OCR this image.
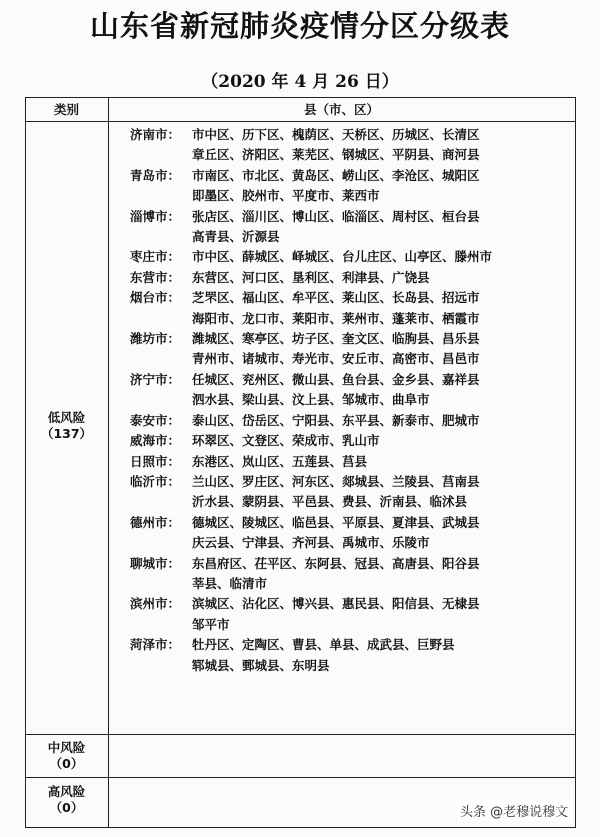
山东省新冠肺炎疫情分区分级表
（2020 年 4 月 26 日）
类别	县（市、区）
低风险
（137）
济南市： 市中区、历下区、槐荫区、天桥区、历城区、长清区
章丘区、济阳区、莱芜区、钢城区、平阴县、商河县
青岛市： 市南区、市北区、黄岛区、崂山区、李沧区、城阳区
即墨区、胶州市、平度市、莱西市
淄博市： 张店区、淄川区、博山区、临淄区、周村区、桓台县
高青县、沂源县
枣庄市： 市中区、薛城区、峄城区、台儿庄区、山亭区、滕州市
东营市： 东营区、河口区、垦利区、利津县、广饶县
烟台市： 芝罘区、福山区、牟平区、莱山区、长岛县、招远市
海阳市、龙口市、莱阳市、莱州市、蓬莱市、栖霞市
潍坊市： 潍城区、寒亭区、坊子区、奎文区、临朐县、昌乐县
青州市、诸城市、寿光市、安丘市、高密市、昌邑市
济宁市： 任城区、兖州区、微山县、鱼台县、金乡县、嘉祥县
泗水县、梁山县、汶上县、邹城市、曲阜市
泰安市： 泰山区、岱岳区、宁阳县、东平县、新泰市、肥城市
威海市： 环翠区、文登区、荣成市、乳山市
日照市： 东港区、岚山区、五莲县、莒县
临沂市： 兰山区、罗庄区、河东区、郯城县、兰陵县、莒南县
沂水县、蒙阴县、平邑县、费县、沂南县、临沭县
德州市： 德城区、陵城区、临邑县、平原县、夏津县、武城县
庆云县、宁津县、齐河县、禹城市、乐陵市
聊城市： 东昌府区、茌平区、东阿县、冠县、高唐县、阳谷县
莘县、临清市
滨州市： 滨城区、沾化区、博兴县、惠民县、阳信县、无棣县
邹平市
菏泽市： 牡丹区、定陶区、曹县、单县、成武县、巨野县
郓城县、鄄城县、东明县
中风险
（0）
高风险
（0）	头条 @老穆说穆文
